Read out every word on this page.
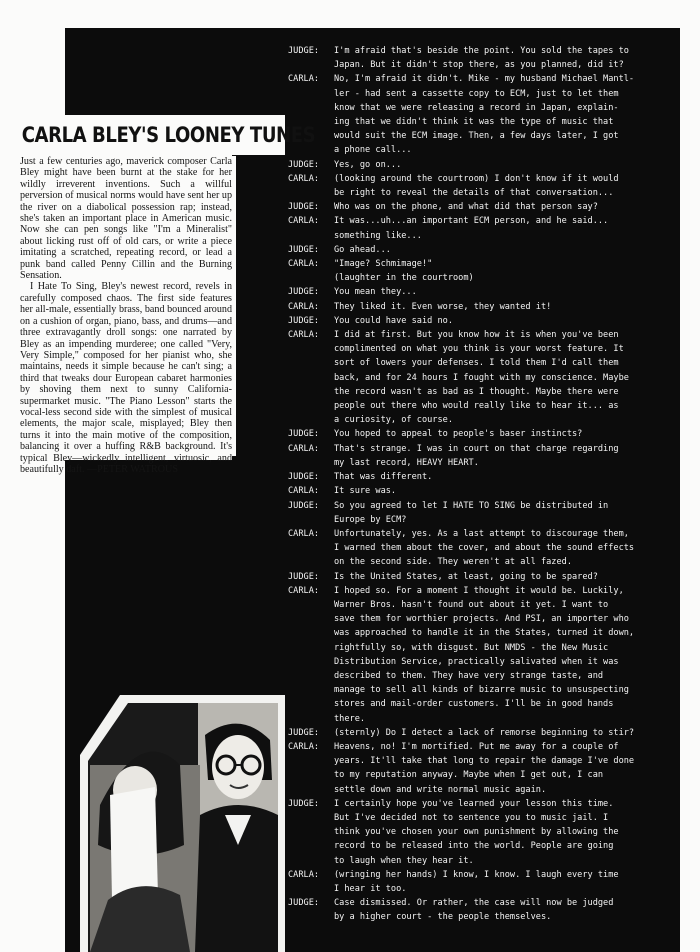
CARLA BLEY'S LOONEY TUNES

Just a few centuries ago, maverick composer Carla Bley might have been burnt at the stake for her wildly irreverent inventions. Such a willful perversion of musical norms would have sent her up the river on a diabolical possession rap; instead, she's taken an important place in American music. Now she can pen songs like "I'm a Mineralist" about licking rust off of old cars, or write a piece imitating a scratched, repeating record, or lead a punk band called Penny Cillin and the Burning Sensation.

I Hate To Sing, Bley's newest record, revels in carefully composed chaos. The first side features her all-male, essentially brass, band bounced around on a cushion of organ, piano, bass, and drums—and three extravagantly droll songs: one narrated by Bley as an impending murderee; one called "Very, Very Simple," composed for her pianist who, she maintains, needs it simple because he can't sing; a third that tweaks dour European cabaret harmonies by shoving them next to sunny California-supermarket music. "The Piano Lesson" starts the vocal-less second side with the simplest of musical elements, the major scale, misplayed; Bley then turns it into the main motive of the composition, balancing it over a huffing R&B background. It's typical Bley—wickedly intelligent, virtuosic, and beautifully daft. —PETER WATROUS

JUDGE:	I'm afraid that's beside the point. You sold the tapes to
Japan. But it didn't stop there, as you planned, did it?
CARLA:	No, I'm afraid it didn't. Mike - my husband Michael Mantl-
ler - had sent a cassette copy to ECM, just to let them
know that we were releasing a record in Japan, explain-
ing that we didn't think it was the type of music that
would suit the ECM image. Then, a few days later, I got
a phone call...
JUDGE:	Yes, go on...
CARLA:	(looking around the courtroom) I don't know if it would
be right to reveal the details of that conversation...
JUDGE:	Who was on the phone, and what did that person say?
CARLA:	It was...uh...an important ECM person, and he said...
something like...
JUDGE:	Go ahead...
CARLA:	"Image? Schmimage!"
(laughter in the courtroom)
JUDGE:	You mean they...
CARLA:	They liked it. Even worse, they wanted it!
JUDGE:	You could have said no.
CARLA:	I did at first. But you know how it is when you've been
complimented on what you think is your worst feature. It
sort of lowers your defenses. I told them I'd call them
back, and for 24 hours I fought with my conscience. Maybe
the record wasn't as bad as I thought. Maybe there were
people out there who would really like to hear it... as
a curiosity, of course.
JUDGE:	You hoped to appeal to people's baser instincts?
CARLA:	That's strange. I was in court on that charge regarding
my last record, HEAVY HEART.
JUDGE:	That was different.
CARLA:	It sure was.
JUDGE:	So you agreed to let I HATE TO SING be distributed in
Europe by ECM?
CARLA:	Unfortunately, yes. As a last attempt to discourage them,
I warned them about the cover, and about the sound effects
on the second side. They weren't at all fazed.
JUDGE:	Is the United States, at least, going to be spared?
CARLA:	I hoped so. For a moment I thought it would be. Luckily,
Warner Bros. hasn't found out about it yet. I want to
save them for worthier projects. And PSI, an importer who
was approached to handle it in the States, turned it down,
rightfully so, with disgust. But NMDS - the New Music
Distribution Service, practically salivated when it was
described to them. They have very strange taste, and
manage to sell all kinds of bizarre music to unsuspecting
stores and mail-order customers. I'll be in good hands
there.
JUDGE:	(sternly) Do I detect a lack of remorse beginning to stir?
CARLA:	Heavens, no! I'm mortified. Put me away for a couple of
years. It'll take that long to repair the damage I've done
to my reputation anyway. Maybe when I get out, I can
settle down and write normal music again.
JUDGE:	I certainly hope you've learned your lesson this time.
But I've decided not to sentence you to music jail. I
think you've chosen your own punishment by allowing the
record to be released into the world. People are going
to laugh when they hear it.
CARLA:	(wringing her hands) I know, I know. I laugh every time
I hear it too.
JUDGE:	Case dismissed. Or rather, the case will now be judged
by a higher court - the people themselves.
